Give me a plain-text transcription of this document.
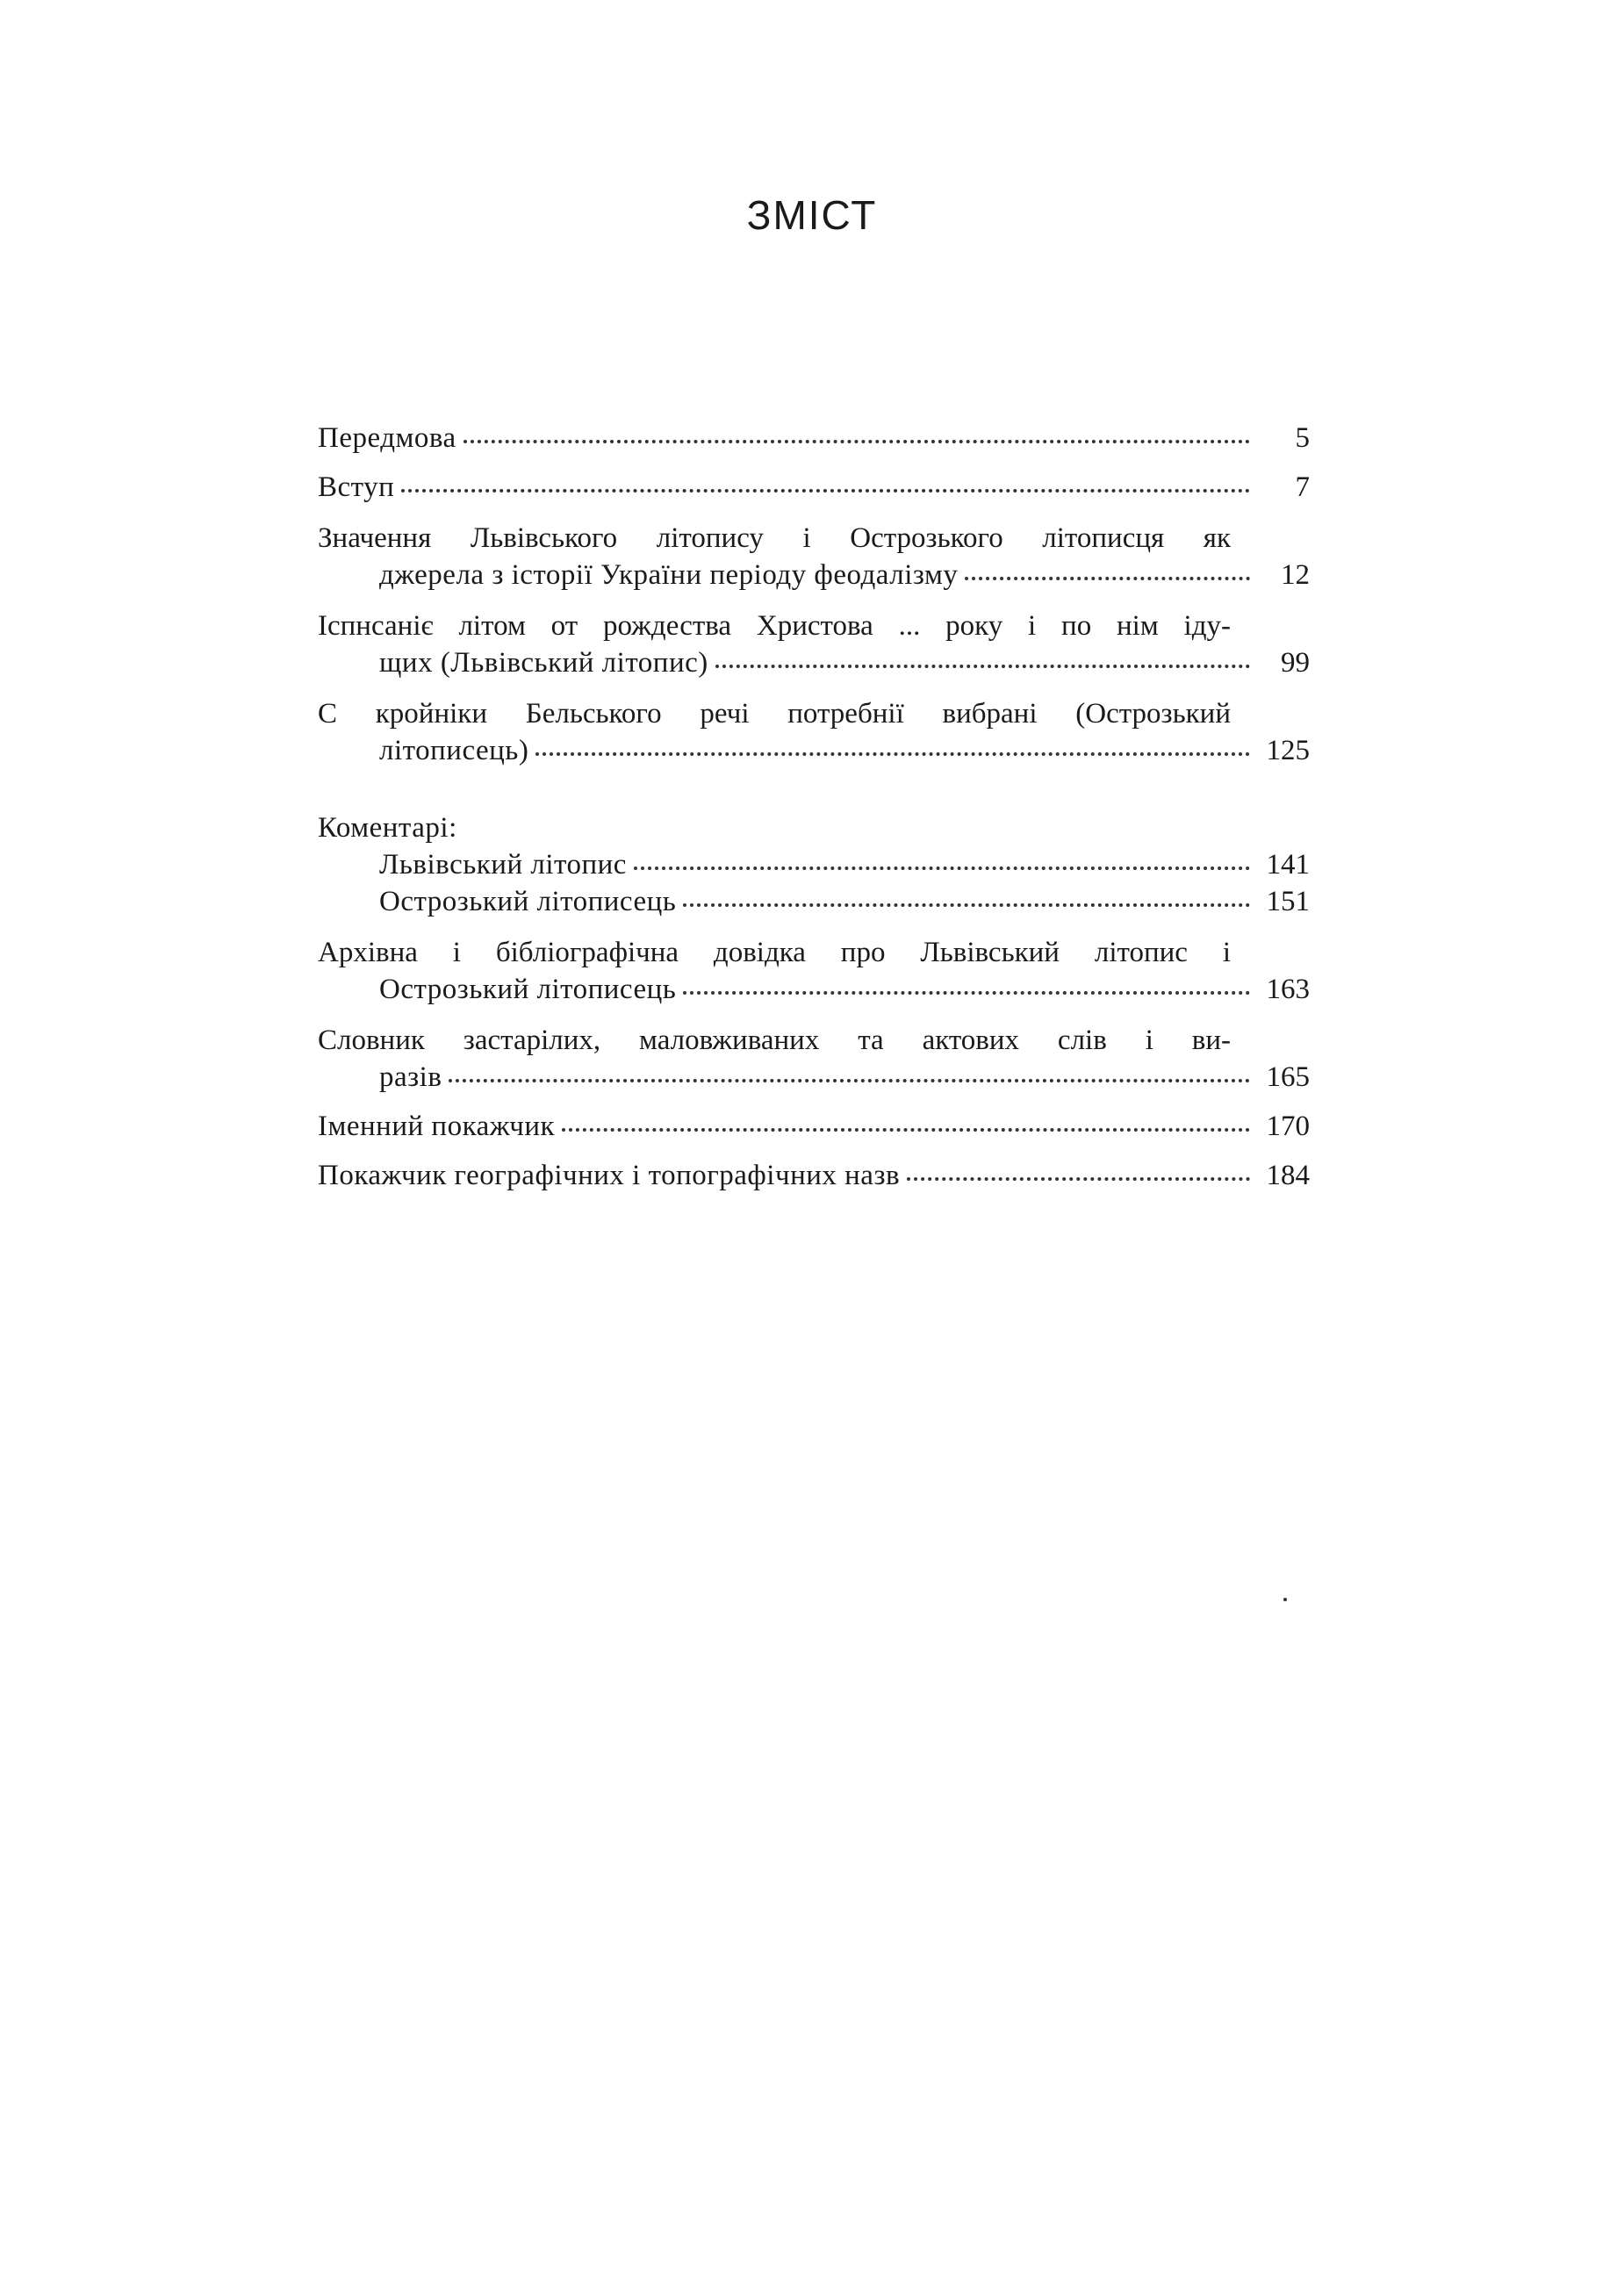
ЗМІСТ
Передмова	5
Вступ	7
Значення Львівського літопису і Острозького літописця як
джерела з історії України періоду феодалізму	12
Іспнсаніє літом от рождества Христова ... року і по нім іду-
щих (Львівський літопис)	99
С кройніки Бельського речі потребнії вибрані (Острозький
літописець)	125
Коментарі:
Львівський літопис	141
Острозький літописець	151
Архівна і бібліографічна довідка про Львівський літопис і
Острозький літописець	163
Словник застарілих, маловживаних та актових слів і ви-
разів	165
Іменний покажчик	170
Покажчик географічних і топографічних назв	184
